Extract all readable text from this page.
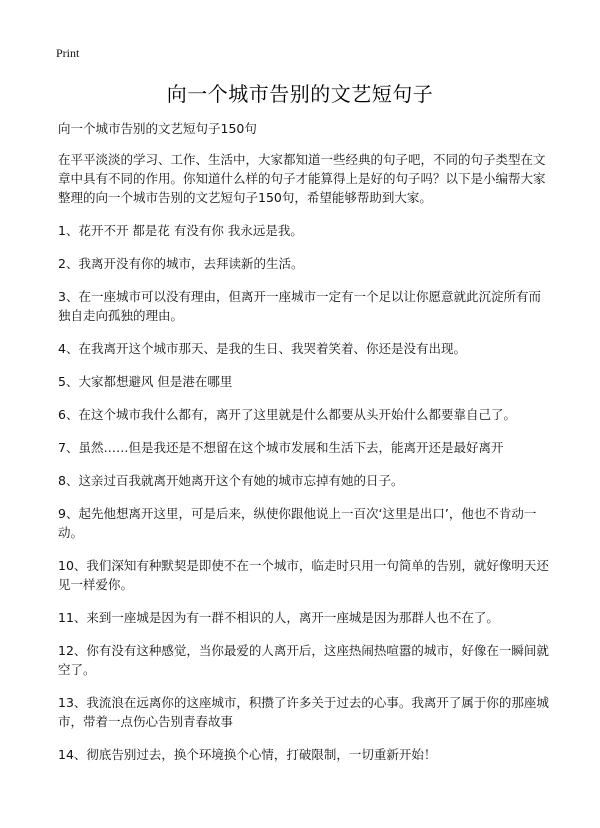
Print
向一个城市告别的文艺短句子

向一个城市告别的文艺短句子150句

在平平淡淡的学习、工作、生活中，大家都知道一些经典的句子吧，不同的句子类型在文章中具有不同的作用。你知道什么样的句子才能算得上是好的句子吗？以下是小编帮大家整理的向一个城市告别的文艺短句子150句，希望能够帮助到大家。

1、花开不开 都是花 有没有你 我永远是我。

2、我离开没有你的城市，去拜读新的生活。

3、在一座城市可以没有理由，但离开一座城市一定有一个足以让你愿意就此沉淀所有而独自走向孤独的理由。

4、在我离开这个城市那天、是我的生日、我哭着笑着、你还是没有出现。

5、大家都想避风 但是港在哪里

6、在这个城市我什么都有，离开了这里就是什么都要从头开始什么都要靠自己了。

7、虽然……但是我还是不想留在这个城市发展和生活下去，能离开还是最好离开

8、这亲过百我就离开她离开这个有她的城市忘掉有她的日子。

9、起先他想离开这里，可是后来，纵使你跟他说上一百次‘这里是出口’，他也不肯动一动。

10、我们深知有种默契是即使不在一个城市，临走时只用一句简单的告别，就好像明天还见一样爱你。

11、来到一座城是因为有一群不相识的人，离开一座城是因为那群人也不在了。

12、你有没有这种感觉，当你最爱的人离开后，这座热闹热喧嚣的城市，好像在一瞬间就空了。

13、我流浪在远离你的这座城市，积攒了许多关于过去的心事。我离开了属于你的那座城市，带着一点伤心告别青春故事

14、彻底告别过去，换个环境换个心情，打破限制，一切重新开始！
